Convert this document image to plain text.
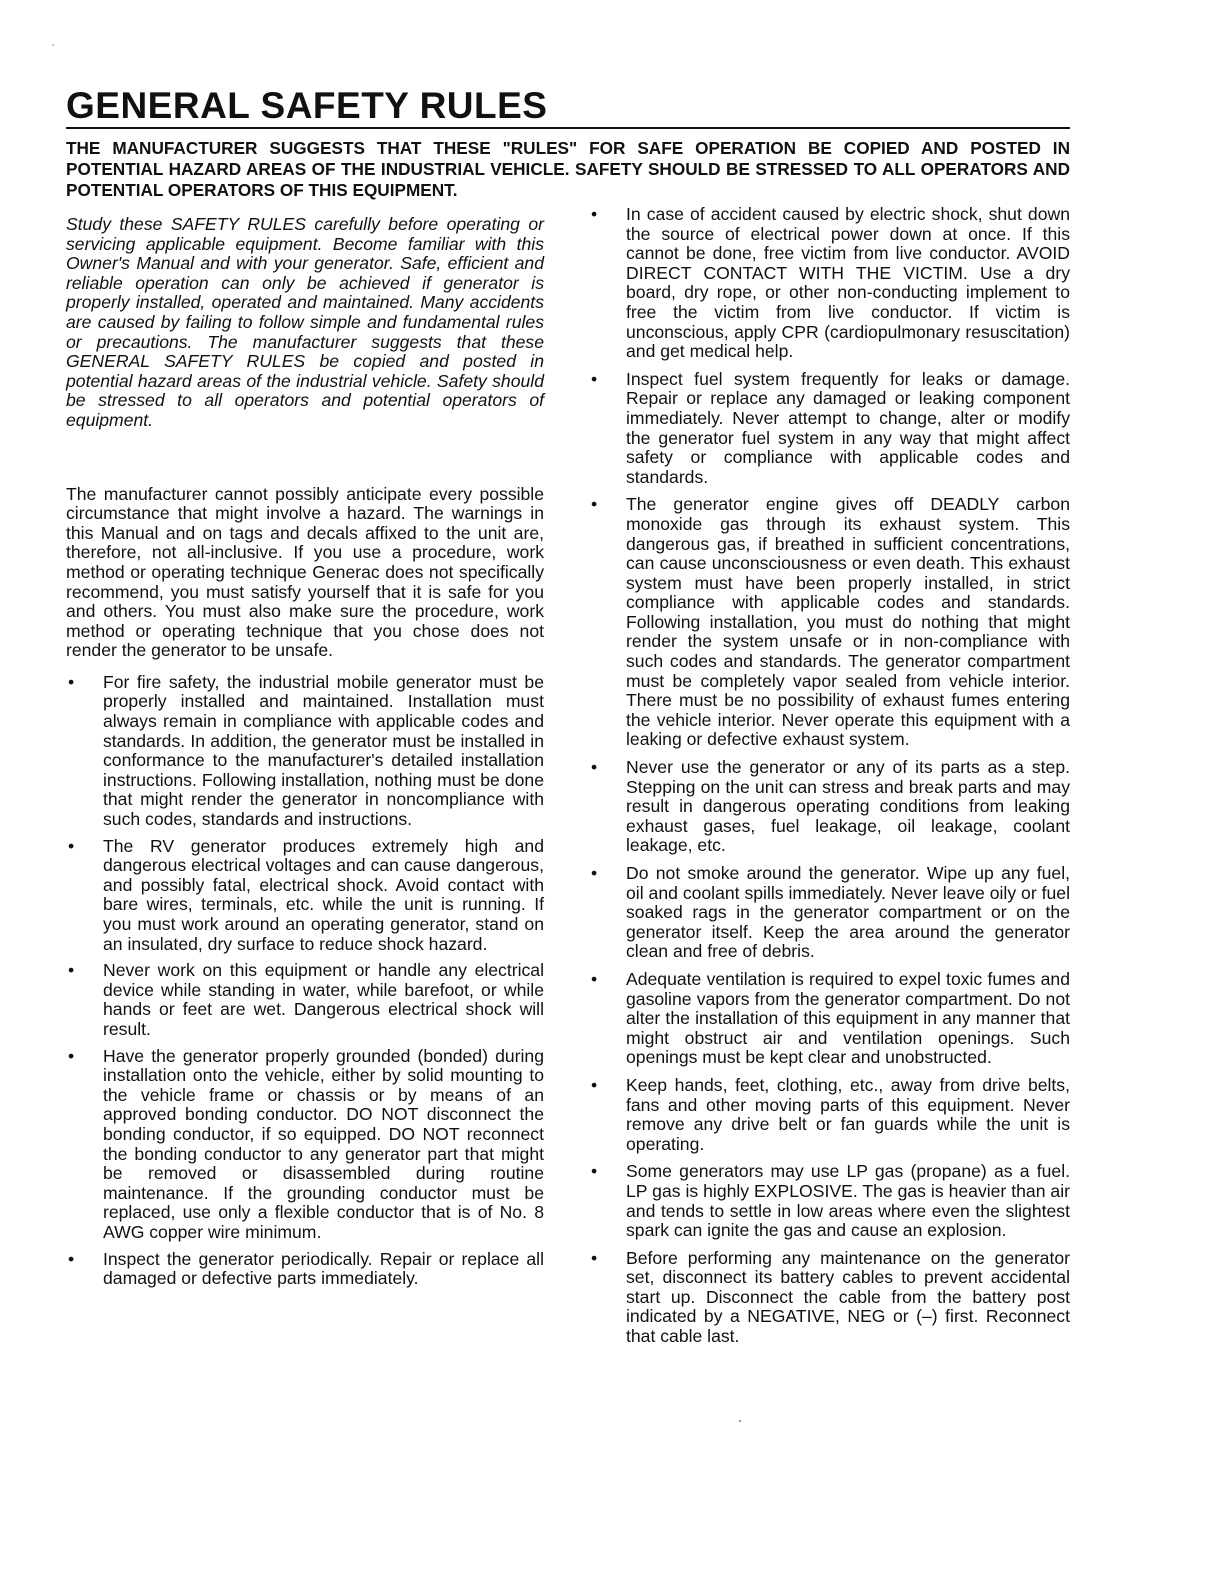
GENERAL SAFETY RULES

THE MANUFACTURER SUGGESTS THAT THESE "RULES" FOR SAFE OPERATION BE COPIED AND POSTED IN POTENTIAL HAZARD AREAS OF THE INDUSTRIAL VEHICLE. SAFETY SHOULD BE STRESSED TO ALL OPERATORS AND POTENTIAL OPERATORS OF THIS EQUIPMENT.

Study these SAFETY RULES carefully before operating or servicing applicable equipment. Become familiar with this Owner's Manual and with your generator. Safe, efficient and reliable operation can only be achieved if generator is properly installed, operated and maintained. Many accidents are caused by failing to follow simple and fundamental rules or precautions. The manufacturer suggests that these GENERAL SAFETY RULES be copied and posted in potential hazard areas of the industrial vehicle. Safety should be stressed to all operators and potential operators of equipment.

The manufacturer cannot possibly anticipate every possible circumstance that might involve a hazard. The warnings in this Manual and on tags and decals affixed to the unit are, therefore, not all-inclusive. If you use a procedure, work method or operating technique Generac does not specifically recommend, you must satisfy yourself that it is safe for you and others. You must also make sure the procedure, work method or operating technique that you chose does not render the generator to be unsafe.

• For fire safety, the industrial mobile generator must be properly installed and maintained. Installation must always remain in compliance with applicable codes and standards. In addition, the generator must be installed in conformance to the manufacturer's detailed installation instructions. Following installation, nothing must be done that might render the generator in noncompliance with such codes, standards and instructions.
• The RV generator produces extremely high and dangerous electrical voltages and can cause dangerous, and possibly fatal, electrical shock. Avoid contact with bare wires, terminals, etc. while the unit is running. If you must work around an operating generator, stand on an insulated, dry surface to reduce shock hazard.
• Never work on this equipment or handle any electrical device while standing in water, while barefoot, or while hands or feet are wet. Dangerous electrical shock will result.
• Have the generator properly grounded (bonded) during installation onto the vehicle, either by solid mounting to the vehicle frame or chassis or by means of an approved bonding conductor. DO NOT disconnect the bonding conductor, if so equipped. DO NOT reconnect the bonding conductor to any generator part that might be removed or disassembled during routine maintenance. If the grounding conductor must be replaced, use only a flexible conductor that is of No. 8 AWG copper wire minimum.
• Inspect the generator periodically. Repair or replace all damaged or defective parts immediately.
• In case of accident caused by electric shock, shut down the source of electrical power down at once. If this cannot be done, free victim from live conductor. AVOID DIRECT CONTACT WITH THE VICTIM. Use a dry board, dry rope, or other non-conducting implement to free the victim from live conductor. If victim is unconscious, apply CPR (cardiopulmonary resuscitation) and get medical help.
• Inspect fuel system frequently for leaks or damage. Repair or replace any damaged or leaking component immediately. Never attempt to change, alter or modify the generator fuel system in any way that might affect safety or compliance with applicable codes and standards.
• The generator engine gives off DEADLY carbon monoxide gas through its exhaust system. This dangerous gas, if breathed in sufficient concentrations, can cause unconsciousness or even death. This exhaust system must have been properly installed, in strict compliance with applicable codes and standards. Following installation, you must do nothing that might render the system unsafe or in non-compliance with such codes and standards. The generator compartment must be completely vapor sealed from vehicle interior. There must be no possibility of exhaust fumes entering the vehicle interior. Never operate this equipment with a leaking or defective exhaust system.
• Never use the generator or any of its parts as a step. Stepping on the unit can stress and break parts and may result in dangerous operating conditions from leaking exhaust gases, fuel leakage, oil leakage, coolant leakage, etc.
• Do not smoke around the generator. Wipe up any fuel, oil and coolant spills immediately. Never leave oily or fuel soaked rags in the generator compartment or on the generator itself. Keep the area around the generator clean and free of debris.
• Adequate ventilation is required to expel toxic fumes and gasoline vapors from the generator compartment. Do not alter the installation of this equipment in any manner that might obstruct air and ventilation openings. Such openings must be kept clear and unobstructed.
• Keep hands, feet, clothing, etc., away from drive belts, fans and other moving parts of this equipment. Never remove any drive belt or fan guards while the unit is operating.
• Some generators may use LP gas (propane) as a fuel. LP gas is highly EXPLOSIVE. The gas is heavier than air and tends to settle in low areas where even the slightest spark can ignite the gas and cause an explosion.
• Before performing any maintenance on the generator set, disconnect its battery cables to prevent accidental start up. Disconnect the cable from the battery post indicated by a NEGATIVE, NEG or (–) first. Reconnect that cable last.
